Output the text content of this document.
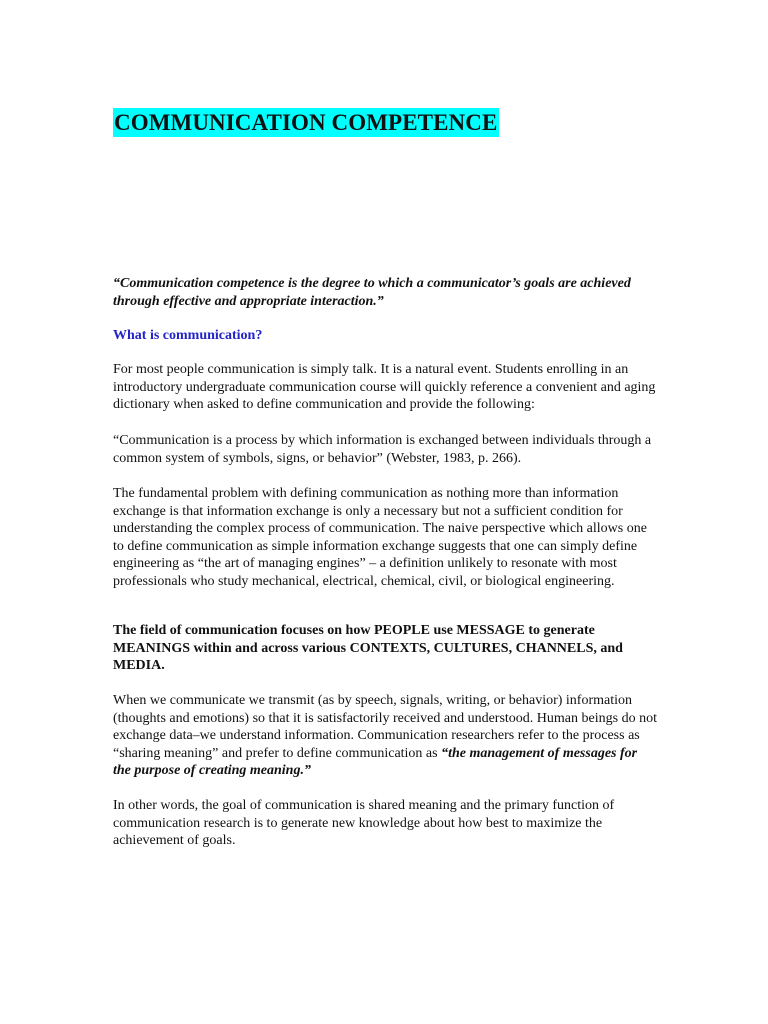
COMMUNICATION COMPETENCE

“Communication competence is the degree to which a communicator’s goals are achieved through effective and appropriate interaction.”

What is communication?

For most people communication is simply talk. It is a natural event. Students enrolling in an introductory undergraduate communication course will quickly reference a convenient and aging dictionary when asked to define communication and provide the following:

“Communication is a process by which information is exchanged between individuals through a common system of symbols, signs, or behavior” (Webster, 1983, p. 266).

The fundamental problem with defining communication as nothing more than information exchange is that information exchange is only a necessary but not a sufficient condition for understanding the complex process of communication. The naive perspective which allows one to define communication as simple information exchange suggests that one can simply define engineering as “the art of managing engines” – a definition unlikely to resonate with most professionals who study mechanical, electrical, chemical, civil, or biological engineering.

The field of communication focuses on how PEOPLE use MESSAGE to generate MEANINGS within and across various CONTEXTS, CULTURES, CHANNELS, and MEDIA.

When we communicate we transmit (as by speech, signals, writing, or behavior) information (thoughts and emotions) so that it is satisfactorily received and understood. Human beings do not exchange data–we understand information. Communication researchers refer to the process as “sharing meaning” and prefer to define communication as “the management of messages for the purpose of creating meaning.”

In other words, the goal of communication is shared meaning and the primary function of communication research is to generate new knowledge about how best to maximize the achievement of goals.
